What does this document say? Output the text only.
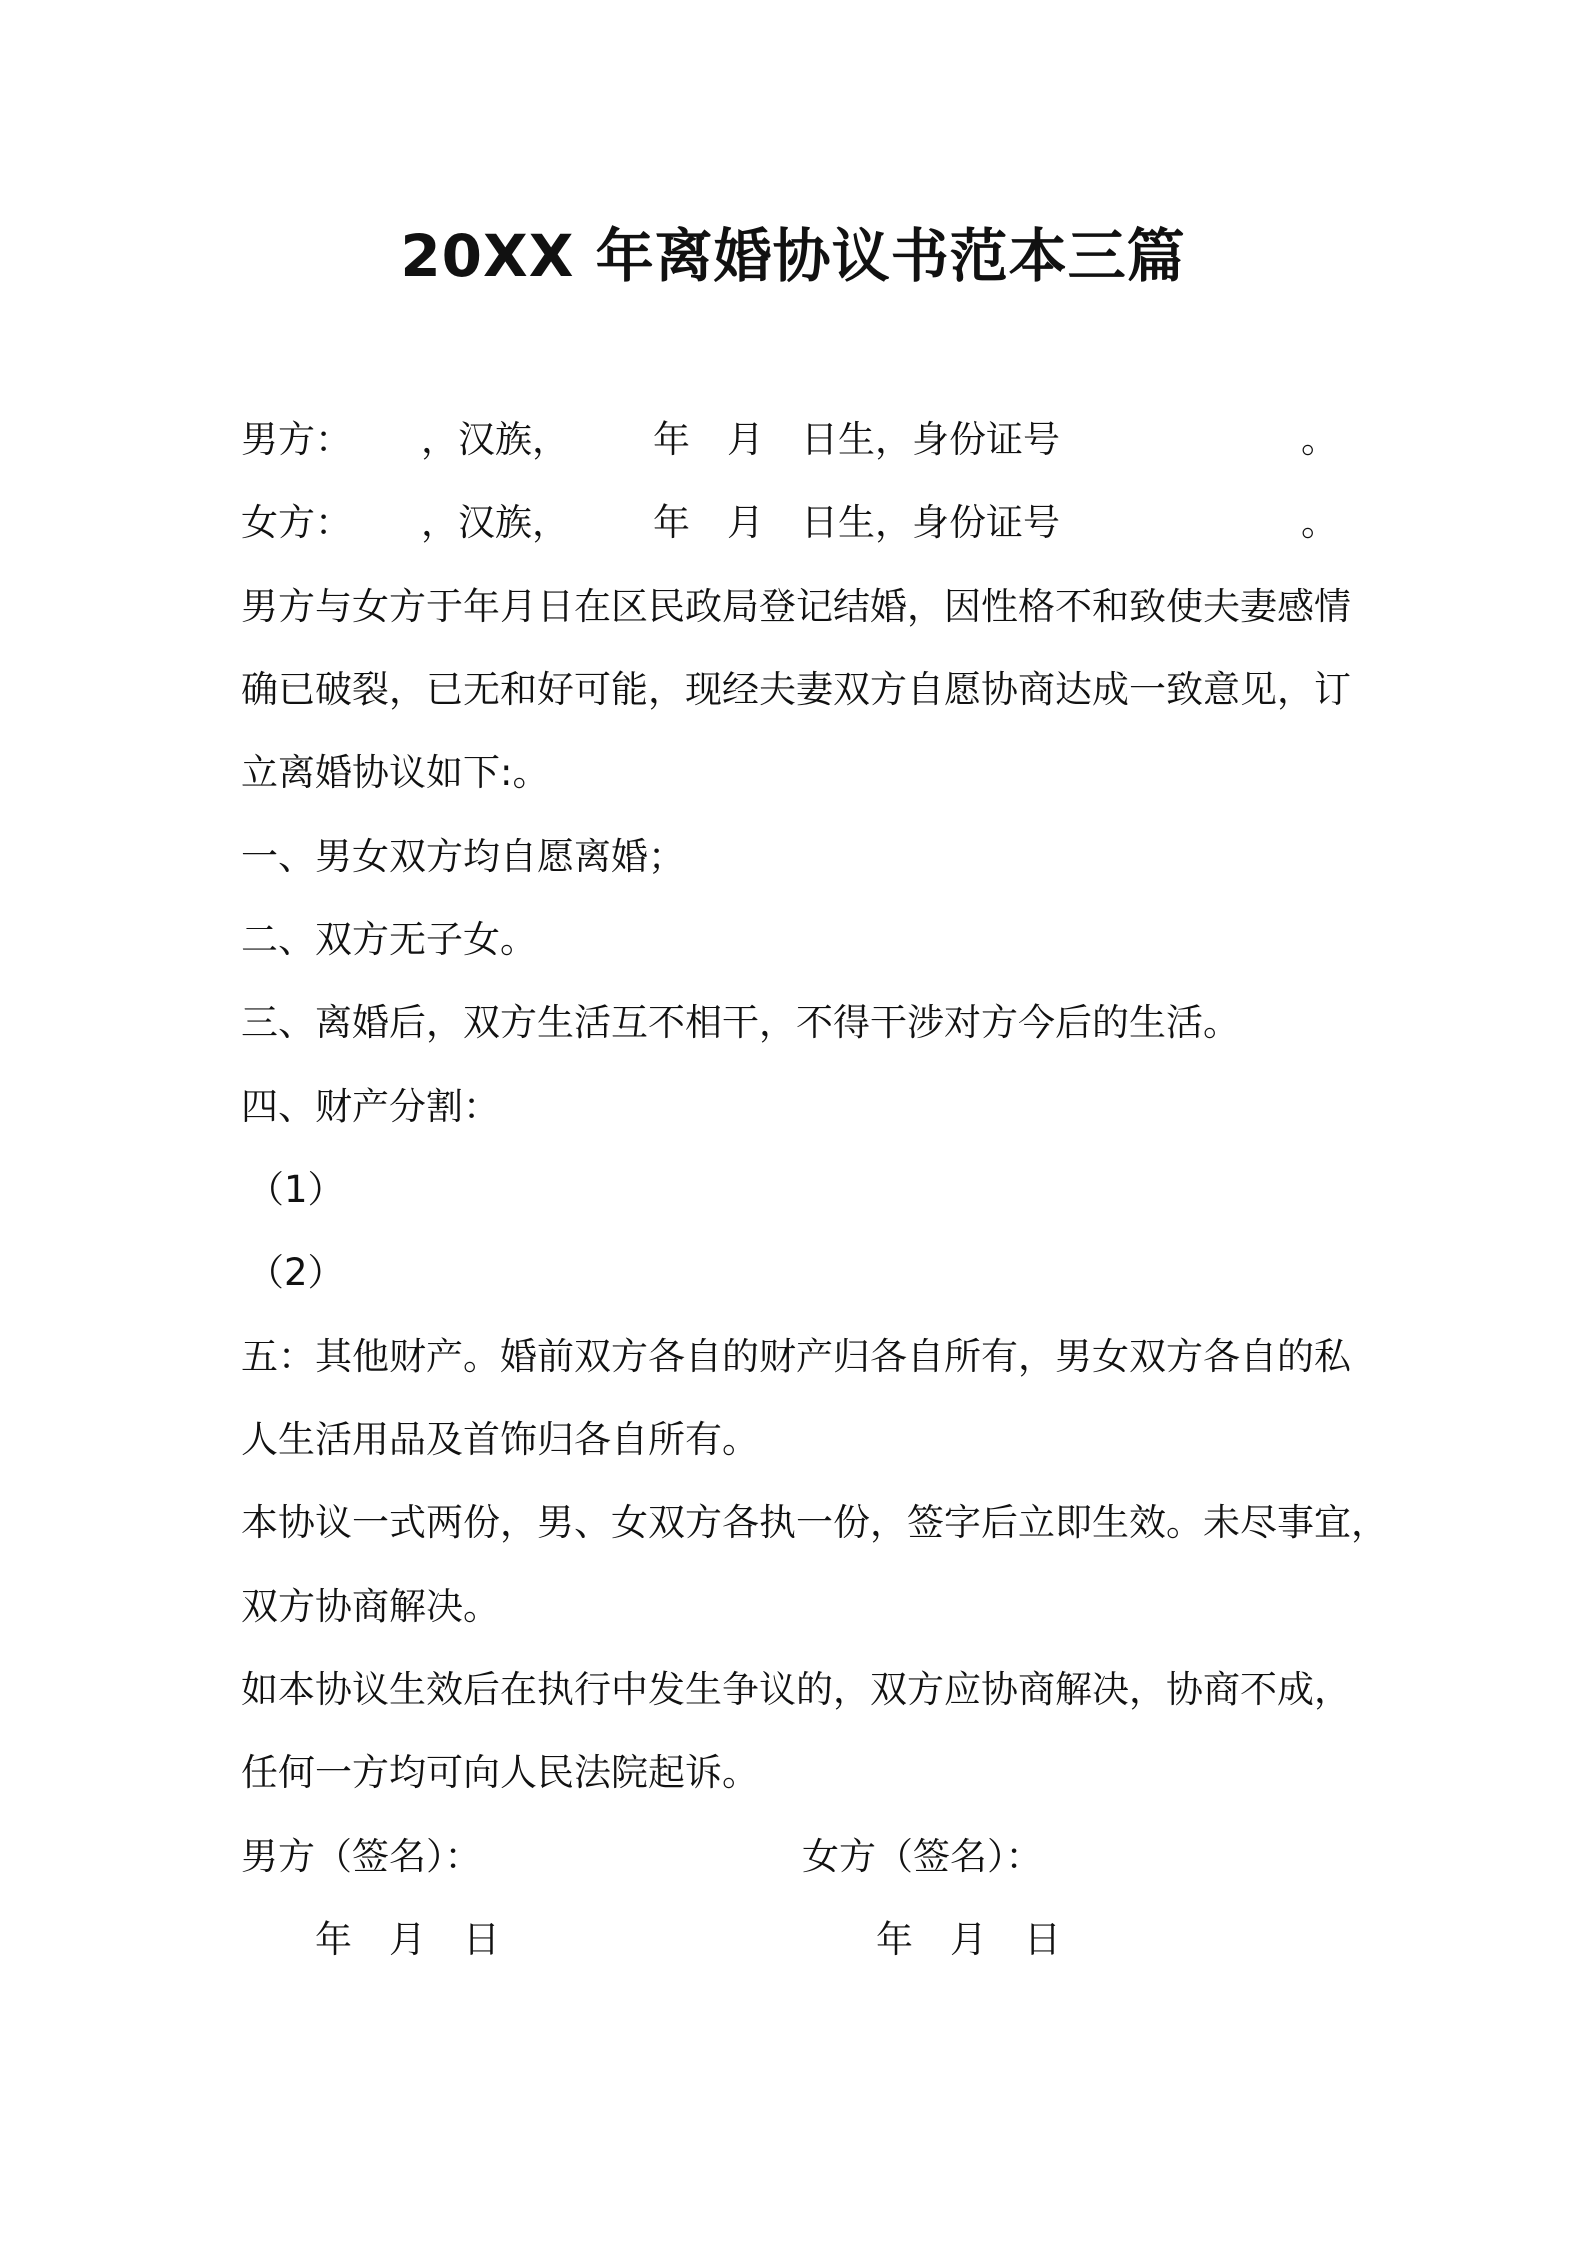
20XX 年离婚协议书范本三篇
男方： ，汉族， 年 月 日生，身份证号	。
女方： ，汉族， 年 月 日生，身份证号	。
男方与女方于年月日在区民政局登记结婚，因性格不和致使夫妻感情
确已破裂，已无和好可能，现经夫妻双方自愿协商达成一致意见，订
立离婚协议如下:。
一、男女双方均自愿离婚；
二、双方无子女。
三、离婚后，双方生活互不相干，不得干涉对方今后的生活。
四、财产分割：
（1）
（2）
五：其他财产。婚前双方各自的财产归各自所有，男女双方各自的私
人生活用品及首饰归各自所有。
本协议一式两份，男、女双方各执一份，签字后立即生效。未尽事宜，
双方协商解决。
如本协议生效后在执行中发生争议的，双方应协商解决，协商不成，
任何一方均可向人民法院起诉。
男方（签名）：	女方（签名）：
年 月 日	年 月 日
